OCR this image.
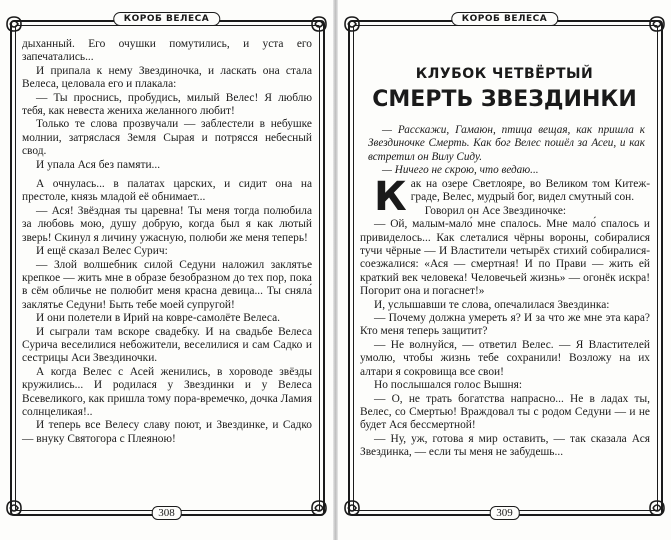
КОРОБ ВЕЛЕСА

дыханный. Его очушки помутились, и уста его запечатались...

И припала к нему Звездиночка, и ласкать она стала Велеса, целовала его и плакала:

— Ты проснись, пробудись, милый Велес! Я люблю тебя, как невеста жениха желанного любит!

Только те слова прозвучали — заблестели в небушке молнии, затряслася Земля Сырая и потрясся небесный свод.

И упала Ася без памяти...

А очнулась... в палатах царских, и сидит она на престоле, князь младой её обнимает...

— Ася! Звёздная ты царевна! Ты меня тогда полюбила за любовь мою, душу добрую, когда был я как лютый зверь! Скинул я личину ужасную, полюби же меня теперь!

И ещё сказал Велес Сурич:

— Злой волшебник силой Седуни наложил заклятье крепкое — жить мне в образе безобразном до тех пор, пока в сём обличье не полюбит меня красна девица... Ты сняла́ заклятье Седуни! Быть тебе моей супругой!

И они полетели в Ирий на ковре-самолёте Велеса.

И сыграли там вскоре свадебку. И на свадьбе Велеса Сурича веселилися небожители, веселилися и сам Садко и сестрицы Аси Звездиночки.

А когда Велес с Асей женились, в хороводе звёзды кружились... И родилася у Звездинки и у Велеса Всевеликого, как пришла тому пора-времечко, дочка Ламия солнцеликая!..

И теперь все Велесу славу поют, и Звездинке, и Садко — внуку Святогора с Плеяною!

308
КОРОБ ВЕЛЕСА
КЛУБОК ЧЕТВЁРТЫЙ
СМЕРТЬ ЗВЕЗДИНКИ

— Расскажи, Гамаюн, птица вещая, как пришла к Звездиночке Смерть. Как бог Велес пошёл за Асеи, и как встретил он Вилу Сиду.

— Ничего не скрою, что ведаю...

Как на озере Светлояре, во Великом том Китеж-граде, Велес, мудрый бог, видел смутный сон.

Говорил он Асе Звездиночке:

— Ой, малым-мало́ мне спалось. Мне мало́ спалось и привиделось... Как слеталися чёрны вороны, собиралися тучи чёрные — И Властители четырёх стихий собиралися-соезжалися: «Ася — смертная! И по Прави — жить ей краткий век человека! Человечьей жизнь» — огонёк искра! Погорит она и погаснет!»

И, услышавши те слова, опечалилася Звездинка:

— Почему должна умереть я? И за что же мне эта кара? Кто меня теперь защитит?

— Не волнуйся, — ответил Велес. — Я Властителей умолю, чтобы жизнь тебе сохранили! Возложу на их алтари я сокровища все свои!

Но послышался голос Вышня:

— О, не трать богатства напрасно... Не в ладах ты, Велес, со Смертью! Враждовал ты с родом Седуни — и не будет Ася бессмертной!

— Ну, уж, готова я мир оставить, — так сказала Ася Звездинка, — если ты меня не забудешь...

309
